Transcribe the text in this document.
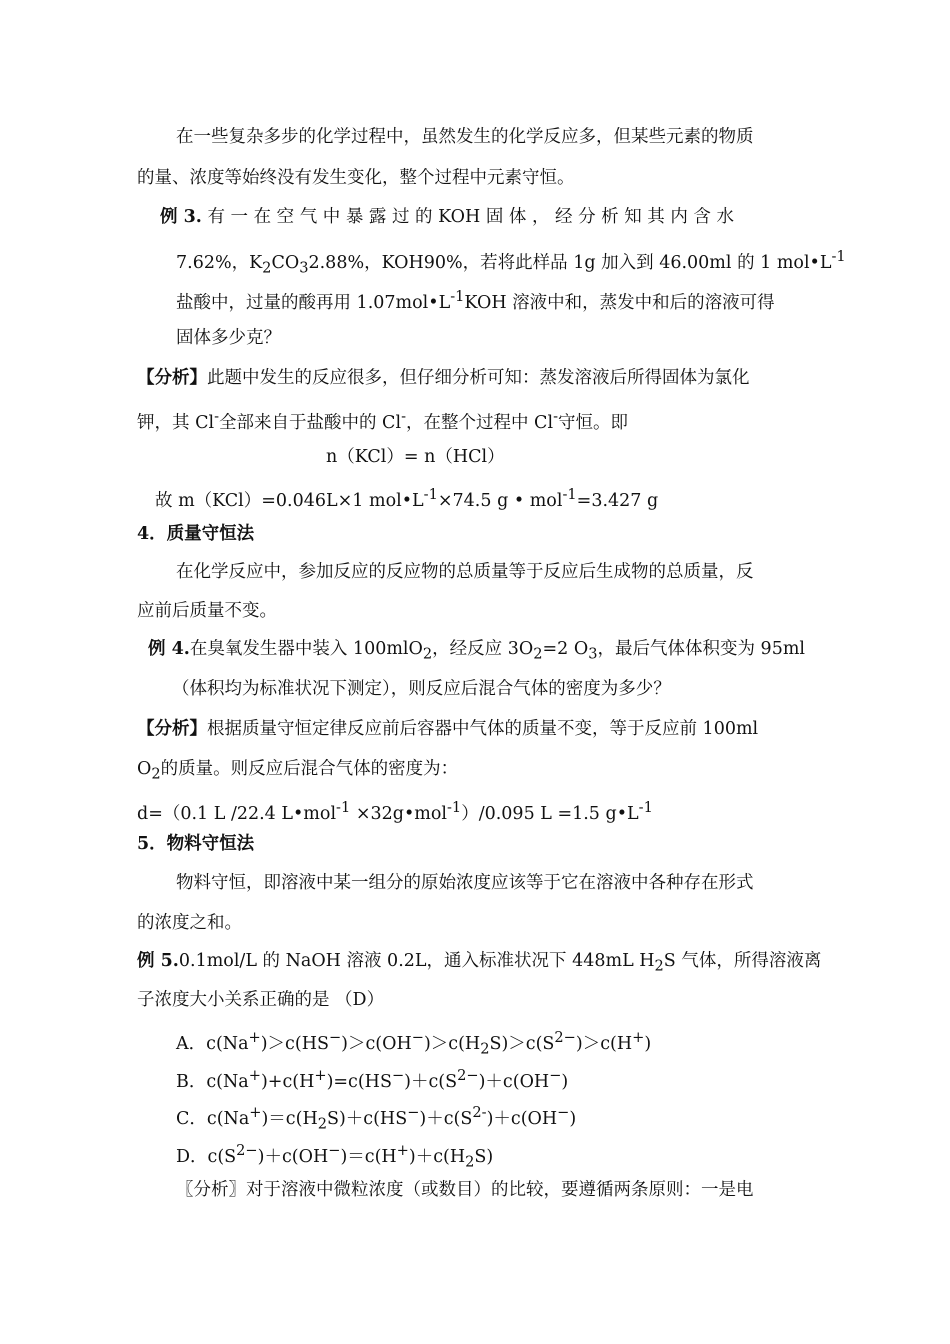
在一些复杂多步的化学过程中，虽然发生的化学反应多，但某些元素的物质
的量、浓度等始终没有发生变化，整个过程中元素守恒。
例 3. 有 一 在 空 气 中 暴 露 过 的 KOH 固 体 ， 经 分 析 知 其 内 含 水
7.62%，$K_2CO_32.88\%$，KOH90%，若将此样品 1g 加入到 46.00ml 的 1 $mol•L^{-1}$
盐酸中，过量的酸再用 $1.07mol•L^{-1}KOH$ 溶液中和，蒸发中和后的溶液可得
固体多少克？
【分析】此题中发生的反应很多，但仔细分析可知：蒸发溶液后所得固体为氯化
钾，其 Cl-全部来自于盐酸中的 Cl-，在整个过程中 Cl-守恒。即
n（KCl）= n（HCl）
故 m（KCl）=0.046L×1 $mol•L^{-1}\times 74.5$ g • mol$^{-1}$=3.427 g
4．质量守恒法
在化学反应中，参加反应的反应物的总质量等于反应后生成物的总质量，反
应前后质量不变。
例 4.在臭氧发生器中装入 100mlO$_2$，经反应 $3O_2=2$ $O_3$，最后气体体积变为 95ml
（体积均为标准状况下测定），则反应后混合气体的密度为多少？
【分析】根据质量守恒定律反应前后容器中气体的质量不变，等于反应前 100ml
$O_2$的质量。则反应后混合气体的密度为：
d=（0.1 L /22.4 L•mol$^{-1}$ ×32g•mol$^{-1}$）/0.095 L =1.5 $g•L^{-1}$
5．物料守恒法
物料守恒，即溶液中某一组分的原始浓度应该等于它在溶液中各种存在形式
的浓度之和。
例 5.0.1mol/L 的 NaOH 溶液 0.2L，通入标准状况下 448mL $H_2S$ 气体，所得溶液离
子浓度大小关系正确的是 （D）
A．$c(Na^+)>c(HS^-)>c(OH^-)>c(H_2S)>c(S^{2-})>c(H^+)$
B．$c(Na^+)+c(H^+)=c(HS^-)+c(S^{2-})+c(OH^-)$
C．$c(Na^+)=c(H_2S)+c(HS^-)+c(S^{2-})+c(OH^-)$
D．$c(S^{2-})+c(OH^-)=c(H^+)+c(H_2S)$
〖分析〗对于溶液中微粒浓度（或数目）的比较，要遵循两条原则：一是电
